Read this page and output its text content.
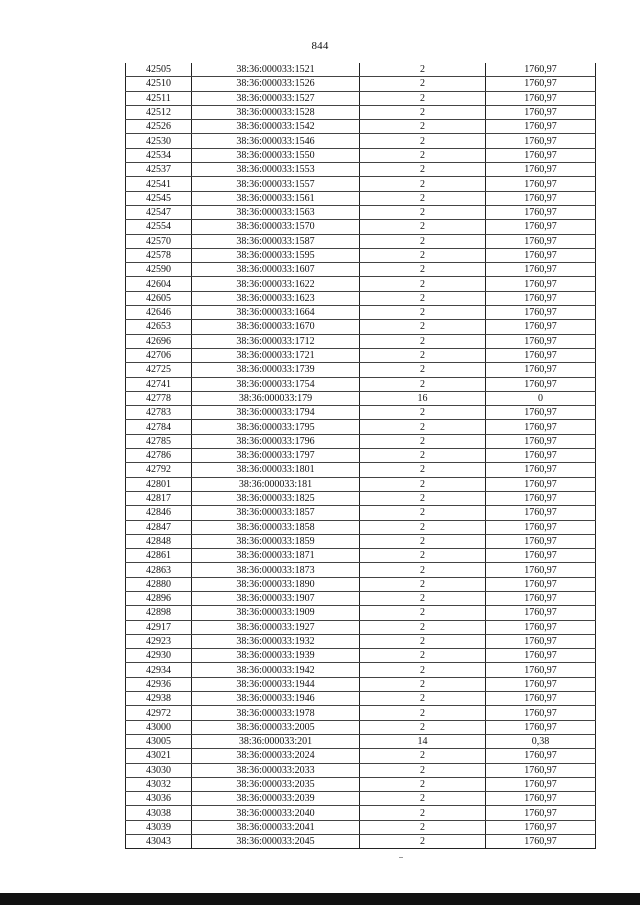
844
42505	38:36:000033:1521	2	1760,97
42510	38:36:000033:1526	2	1760,97
42511	38:36:000033:1527	2	1760,97
42512	38:36:000033:1528	2	1760,97
42526	38:36:000033:1542	2	1760,97
42530	38:36:000033:1546	2	1760,97
42534	38:36:000033:1550	2	1760,97
42537	38:36:000033:1553	2	1760,97
42541	38:36:000033:1557	2	1760,97
42545	38:36:000033:1561	2	1760,97
42547	38:36:000033:1563	2	1760,97
42554	38:36:000033:1570	2	1760,97
42570	38:36:000033:1587	2	1760,97
42578	38:36:000033:1595	2	1760,97
42590	38:36:000033:1607	2	1760,97
42604	38:36:000033:1622	2	1760,97
42605	38:36:000033:1623	2	1760,97
42646	38:36:000033:1664	2	1760,97
42653	38:36:000033:1670	2	1760,97
42696	38:36:000033:1712	2	1760,97
42706	38:36:000033:1721	2	1760,97
42725	38:36:000033:1739	2	1760,97
42741	38:36:000033:1754	2	1760,97
42778	38:36:000033:179	16	0
42783	38:36:000033:1794	2	1760,97
42784	38:36:000033:1795	2	1760,97
42785	38:36:000033:1796	2	1760,97
42786	38:36:000033:1797	2	1760,97
42792	38:36:000033:1801	2	1760,97
42801	38:36:000033:181	2	1760,97
42817	38:36:000033:1825	2	1760,97
42846	38:36:000033:1857	2	1760,97
42847	38:36:000033:1858	2	1760,97
42848	38:36:000033:1859	2	1760,97
42861	38:36:000033:1871	2	1760,97
42863	38:36:000033:1873	2	1760,97
42880	38:36:000033:1890	2	1760,97
42896	38:36:000033:1907	2	1760,97
42898	38:36:000033:1909	2	1760,97
42917	38:36:000033:1927	2	1760,97
42923	38:36:000033:1932	2	1760,97
42930	38:36:000033:1939	2	1760,97
42934	38:36:000033:1942	2	1760,97
42936	38:36:000033:1944	2	1760,97
42938	38:36:000033:1946	2	1760,97
42972	38:36:000033:1978	2	1760,97
43000	38:36:000033:2005	2	1760,97
43005	38:36:000033:201	14	0,38
43021	38:36:000033:2024	2	1760,97
43030	38:36:000033:2033	2	1760,97
43032	38:36:000033:2035	2	1760,97
43036	38:36:000033:2039	2	1760,97
43038	38:36:000033:2040	2	1760,97
43039	38:36:000033:2041	2	1760,97
43043	38:36:000033:2045	2	1760,97
